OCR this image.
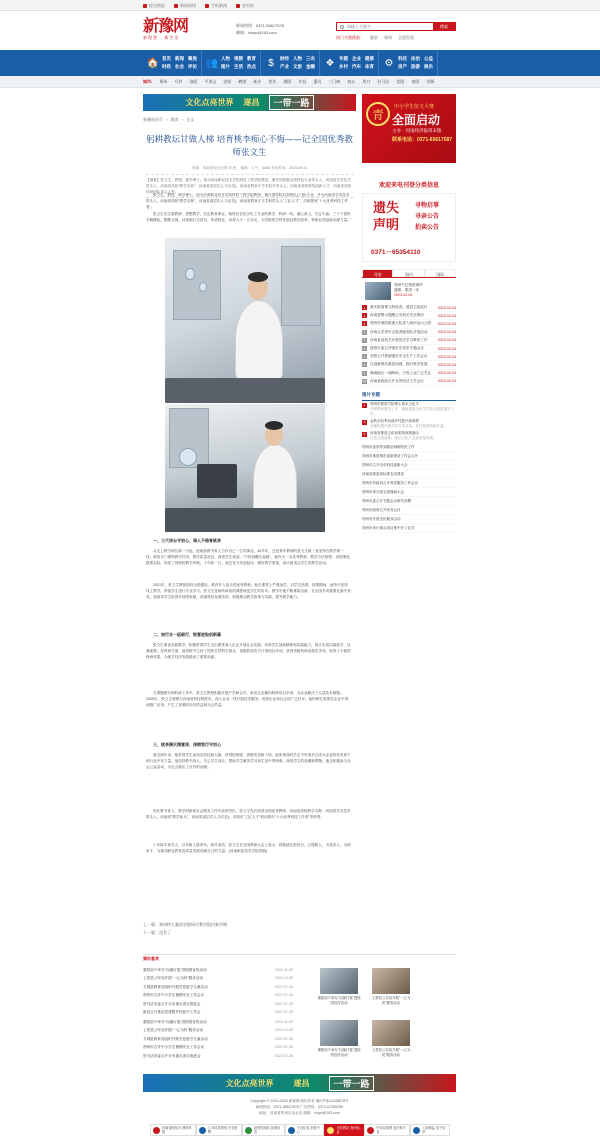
提交简报	新闻热线	手机新闻	农村站
新豫网
新理想 · 新生活
新闻热线：0371-55617578
邮箱：xinyu@163.com
请输入关键字
搜索
热门关键搜索： 脱贫 郑州 全面发展
🏠 首页 新闻 聚焦
时政 社会 评论 👥 人物 视频 教育
图片 生活 热点	$	财经 人物 三农
产业 文旅 金融 ❖	专题 企业 健康
乡村 汽车 体育 ⚙	科技 法治 公益
房产 旅游 娱乐
城市: 郑州 开封 洛阳 平顶山 安阳 鹤壁 新乡 焦作 濮阳 许昌 漯河 三门峡 商丘 周口 驻马店 信阳 南阳 济源
文化点亮世界 遂昌	一带一路
新豫网首页 › 教育 › 正文
躬耕教坛甘做人梯 培育桃李痴心不悔——记全国优秀教师张文生
来源：河南省经济日报 作者： 编辑：人气：5856 发布时间：2024-09-11
【摘要】张文生，教授、理学博士。现为河南职业技术学院材料工程学院教授，兼任国家级双高特色专业带头人、河南省学术技术带头人，河南省高校"教学名师"，河南省高层次人才(C类)，河南省教育厅学术技术带头人，河南省高校科技创新人才，河南省高校科研团队带头人等。
张文生，教授，理学博士。现为济源职业技术学院材料工程学院教授、兼任国务院双高特色(工程)专业，并为河南省学术技术带头人，河南省高校"教学名师"，河南省高层次人才(C类)，河南省教育厅文学科带头人"工匠人才"，济源国家"十大优秀科技工作者"。
张文生在注重教研，思想教学，坚定教育事业，始终站在化学化工专业的教学、科研一线，潜心育人，矢志不渝。三十个春秋辛勤耕耘，默默无闻，诗意地行走讲台，传道授业，培养人才一万余名，为学院的学科发展及教学改革，科研业绩创新贡献力量。
一、三尺讲台守初心，诲人不倦育桃李
从走上教书岗位那一天起，他就将教书育人当作自己一生的事业。30多年，还是青年教师的张文生就一直坚持在教学第一线，承担多门课程教学任务，教学质量优良，深受学生欢迎。"不待扬鞭自奋蹄"，他作为一名优秀教师，教学方法独特，讲授理论联系实际，形成了独特的教学风格。十年如一日，他总在天亮前起床，做好教学准备，设计最适合学生的教学活动。
2021年，张文生教授面向全国遴选，推荐并入选全国优秀教师。他在课堂上严谨治学，对学生热情。疫情期间，他每天坚持线上教学，带领学生进行专业学习。张文生老师所承担的课程深受学生的好评。教学中他不断推陈出新，在全国多项重要比赛中获奖。他指导学生取得多项国家级、省级科技竞赛奖项，积极推动教学改革与实践，提升教学能力。
二、知行合一砥砺行，锐意进取创新篇
张文生重视实践教学，积极带领学生走出课堂深入企业开展社会实践，培养学生创新精神和实践能力，真正实现以赛促学、以赛促教。在科研方面，他申报并主持了国家自然科学基金、省级科技攻关计划项目多项，获得省级科研成果奖多项，取得了丰硕的科研成果，为地方经济发展做出了重要贡献。
在课题研究和科研工作中，张文生教授积极开展产学研合作，承担企业横向科研项目多项，为企业解决了大量技术难题。2020年，张文生被聘为河南省科技特派员，深入企业一线开展技术服务，受到企业和社会的广泛好评。他的研究成果在企业中得到推广应用，产生了显著的经济效益和社会效益。
三、桃李满天情意深，深耕笃行守初心
最近两年来，他带领学生参加各类技能大赛，获得国家级、省级奖项数十项。他所指导的学生中有很多已成为企业的技术骨干和行业中坚力量。他坚持教书育人，关心学生成长，帮助学生解决学习和生活中的困难，深受学生的爱戴和尊敬。他还积极参与社会公益活动，为社会做出了应有的贡献。
因在教书育人、教学科研和社会服务工作中成绩突出，张文生先后获得全国优秀教师、河南省高校教学名师、河南省学术技术带头人、河南省"教学标兵"、河南省高层次人才(C类)、济源市"工匠人才"和济源市"十大优秀科技工作者"等荣誉。
十年树木育学人，百年树人厚家风。面对成绩，张文生在全国教师大会上表示，将继续扎根讲台，立德树人，为党育人、为国育才，为推动职业教育高质量发展贡献自己的力量。(河南职业技术学院供稿)
上一篇：郑州特大暴雨学院研讨教学组内新学期
下一篇：没有了
青
中小学生征文大赛
全面启动
主办：河南经济报周末版
联系电话：0371-65617587
欢迎来电刊登分类信息
遗失声明
寻物启事
寻亲公告
拍卖公告
0371－65354110
河南	国内	国际
郑州千亿集资事件
通报：要进一步
2023-02-04
1	重庆旅客乘飞机检查，退役卫检放行	2023-02-04
2	河南省警示提醒公安机关安全情况	2023-02-04
3	郑州市消防救援大队进入黄河金山公园	2023-02-04
4	河南大学青年志愿者服务队开展活动	2023-02-04
5	河南省直机关开展党史学习教育工作	2023-02-04
6	洛阳市委召开强化学党史专题会议	2023-02-04
7	安阳召开系统强化安全生产工作会议	2023-02-04
8	以创新推动基层治理，践行科学发展	2023-02-04
9	豫南地区一场降雨，引发公众广泛关注	2023-02-04
10 河南省政府召开全省经济工作会议	2023-02-04
图片专题
1	郑州市教育学院博士周末文化节
开展教育督导工作，继续推进全市学生综合素质提升工作。
2	金秋丰收季河南乡村振兴新图景
各地积极开展丰收节庆活动，乡村旅游持续升温。
3	河南省推进文化和旅游深度融合
打造文旅品牌，推动文化产业高质量发展。
郑州市委领导到基层调研防汛工作
郑州市推进城市更新建设工作会召开
郑州市召开全市科技创新大会
河南省推进高标准农田建设
郑州市民政局召开养老服务工作会议
郑州市举办第五届豫商大会
郑州市委召开专题会议研究部署
郑州市政府召开常务会议
郑州市开展全民健身活动
郑州市举行重点项目集中开工仪式
猜你喜欢
重阳前夕举办"川瀑灯笔"进校园宣传活动	2022-11-03
上蔡县公安局开展"一心为民"服务活动	2022-10-08
方城县教育局组织开展关爱留守儿童活动	2022-07-28
郑州市召开中小学生暑期安全工作会议	2022-07-28
驻马店市委召开全市重点项目推进会	2022-07-28
新县召开基层党建暨乡村振兴工作会	2022-07-28
重阳前夕举办"川瀑灯笔"进校园宣传活动
上蔡县公安局开展"一心为民"服务活动
重阳前夕举办"川瀑灯笔"进校园宣传活动	2022-11-03
上蔡县公安局开展"一心为民"服务活动	2022-10-08
方城县教育局组织开展关爱留守儿童活动	2022-07-28
郑州市召开中小学生暑期安全工作会议	2022-07-28
驻马店市委召开全市重点项目推进会	2022-07-28
重阳前夕举办"川瀑灯笔"进校园宣传活动
上蔡县公安局开展"一心为民"服务活动
文化点亮世界	遂昌	一带一路
Copyright © 2010-2018 新豫网 版权所有 豫ICP备12345678号
新闻热线：0371-55617578 广告热线：0371-67200299
地址：河南省郑州市金水区 邮箱：xinyu@163.com
河南省网信办 网络举报
公共信息网络 安全报警
经营性网站 备案信息
不良信息 举报中心
可信网站 身份验证
中国互联网 违法和不良
工商网监 电子标识
